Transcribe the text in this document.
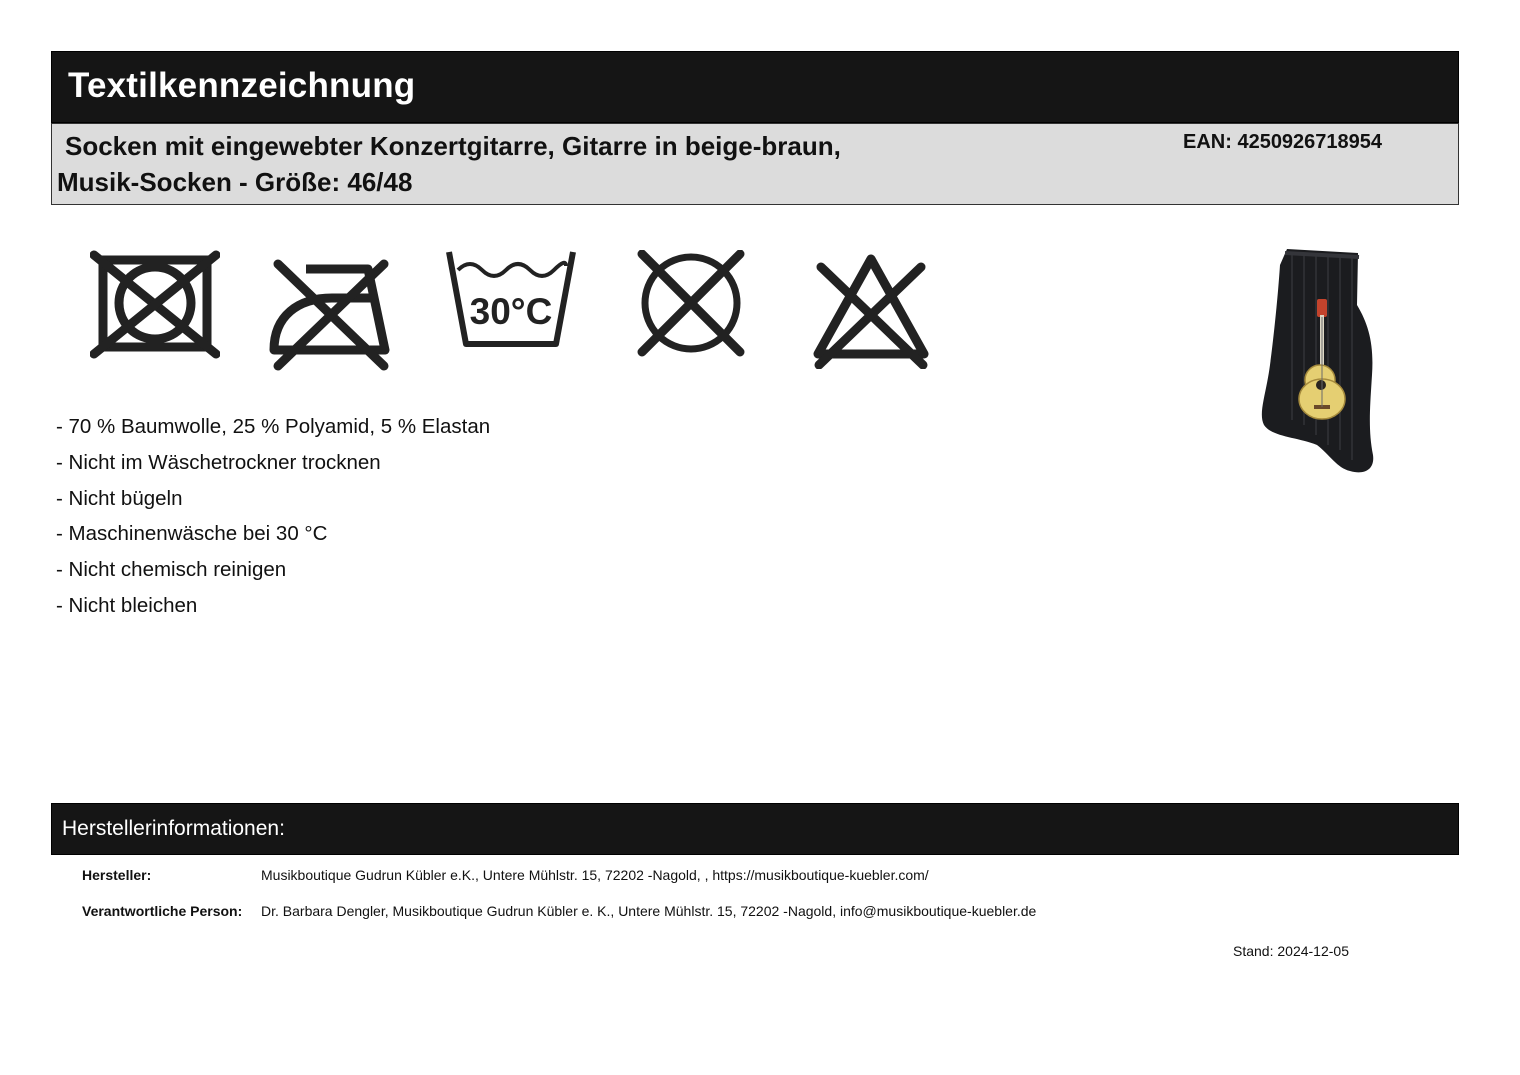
Textilkennzeichnung
Socken mit eingewebter Konzertgitarre, Gitarre in beige-braun,
Musik-Socken - Größe: 46/48
EAN: 4250926718954
30°C
- 70 % Baumwolle, 25 % Polyamid, 5 % Elastan
- Nicht im Wäschetrockner trocknen
- Nicht bügeln
- Maschinenwäsche bei 30 °C
- Nicht chemisch reinigen
- Nicht bleichen
Herstellerinformationen:
Hersteller:	Musikboutique Gudrun Kübler e.K., Untere Mühlstr. 15, 72202 -Nagold, , https://musikboutique-kuebler.com/
Verantwortliche Person: Dr. Barbara Dengler, Musikboutique Gudrun Kübler e. K., Untere Mühlstr. 15, 72202 -Nagold, info@musikboutique-kuebler.de
Stand: 2024-12-05
